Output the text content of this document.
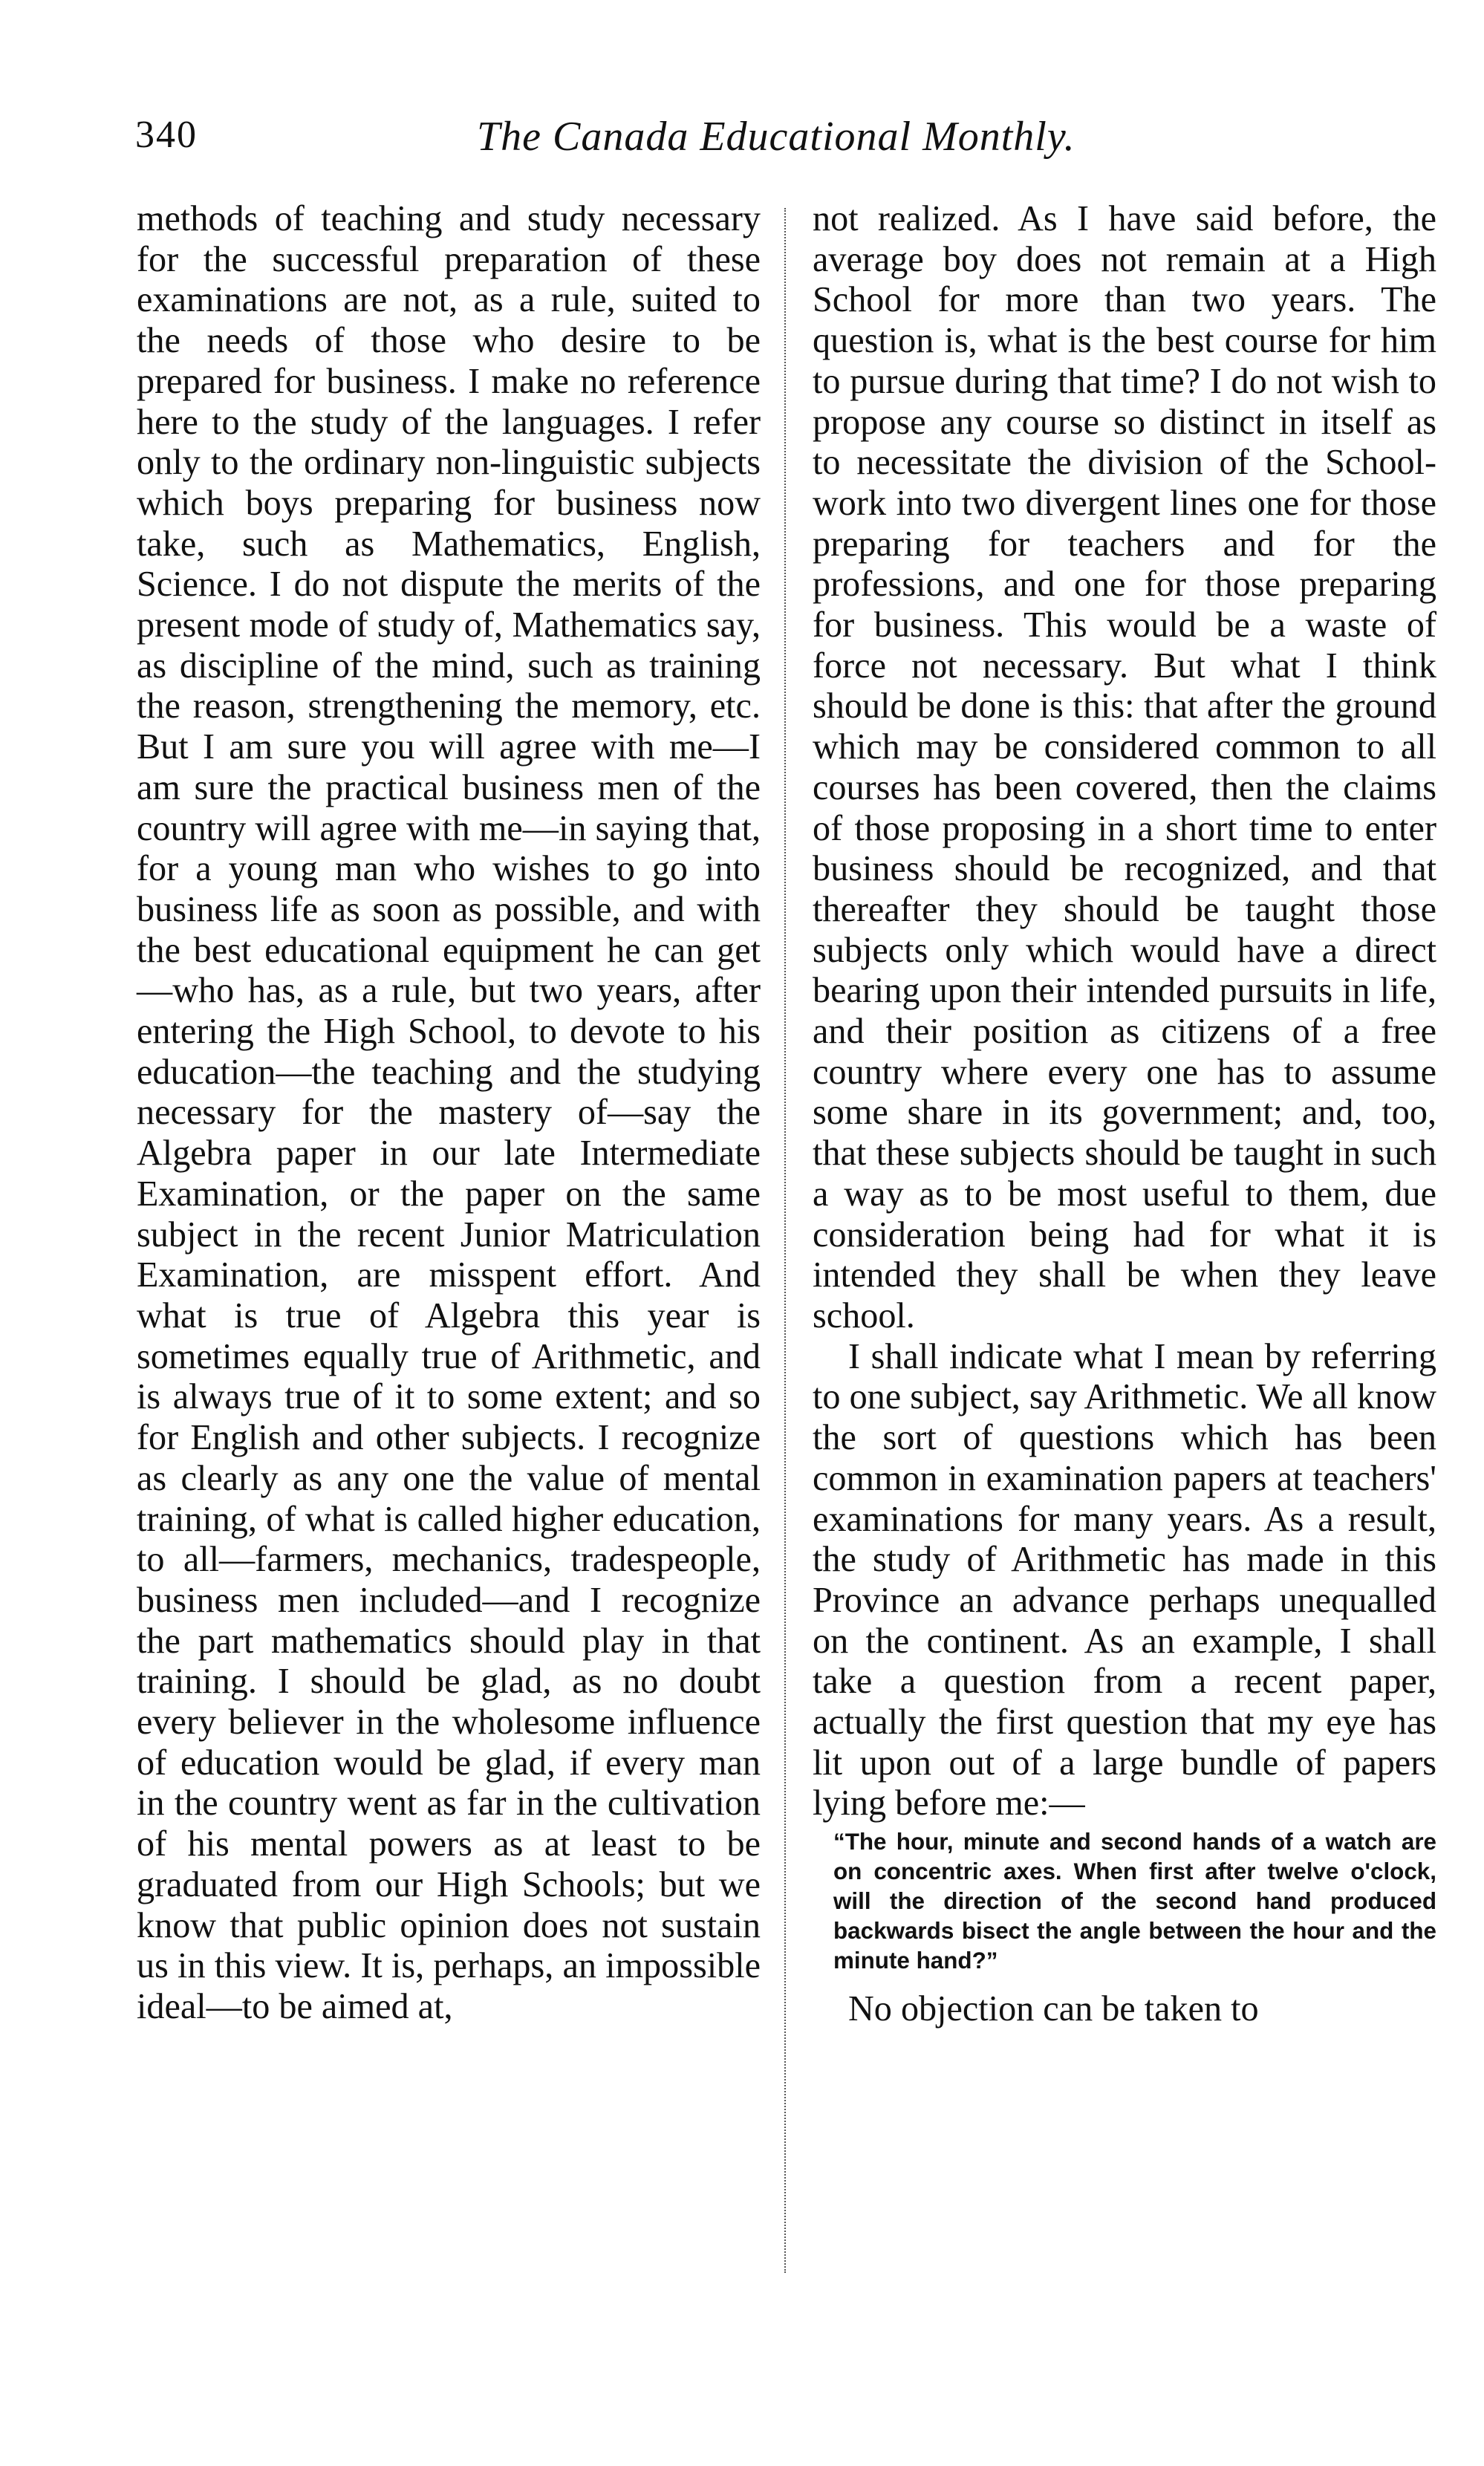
340	The Canada Educational Monthly.

methods of teaching and study necessary for the successful preparation of these examinations are not, as a rule, suited to the needs of those who desire to be prepared for business. I make no reference here to the study of the languages. I refer only to the ordinary non-linguistic subjects which boys preparing for business now take, such as Mathematics, English, Science. I do not dispute the merits of the present mode of study of, Mathematics say, as discipline of the mind, such as training the reason, strengthening the memory, etc. But I am sure you will agree with me—I am sure the practical business men of the country will agree with me—in saying that, for a young man who wishes to go into business life as soon as possible, and with the best educational equipment he can get—who has, as a rule, but two years, after entering the High School, to devote to his education—the teaching and the studying necessary for the mastery of—say the Algebra paper in our late Intermediate Examination, or the paper on the same subject in the recent Junior Matriculation Examination, are misspent effort. And what is true of Algebra this year is sometimes equally true of Arithmetic, and is always true of it to some extent; and so for English and other subjects. I recognize as clearly as any one the value of mental training, of what is called higher education, to all—farmers, mechanics, tradespeople, business men included—and I recognize the part mathematics should play in that training. I should be glad, as no doubt every believer in the wholesome influence of education would be glad, if every man in the country went as far in the cultivation of his mental powers as at least to be graduated from our High Schools; but we know that public opinion does not sustain us in this view. It is, perhaps, an impossible ideal—to be aimed at,

not realized. As I have said before, the average boy does not remain at a High School for more than two years. The question is, what is the best course for him to pursue during that time? I do not wish to propose any course so distinct in itself as to necessitate the division of the School-work into two divergent lines one for those preparing for teachers and for the professions, and one for those preparing for business. This would be a waste of force not necessary. But what I think should be done is this: that after the ground which may be considered common to all courses has been covered, then the claims of those proposing in a short time to enter business should be recognized, and that thereafter they should be taught those subjects only which would have a direct bearing upon their intended pursuits in life, and their position as citizens of a free country where every one has to assume some share in its government; and, too, that these subjects should be taught in such a way as to be most useful to them, due consideration being had for what it is intended they shall be when they leave school.

I shall indicate what I mean by referring to one subject, say Arithmetic. We all know the sort of questions which has been common in examination papers at teachers' examinations for many years. As a result, the study of Arithmetic has made in this Province an advance perhaps unequalled on the continent. As an example, I shall take a question from a recent paper, actually the first question that my eye has lit upon out of a large bundle of papers lying before me:—

“The hour, minute and second hands of a watch are on concentric axes. When first after twelve o'clock, will the direction of the second hand produced backwards bisect the angle between the hour and the minute hand?”

No objection can be taken to
